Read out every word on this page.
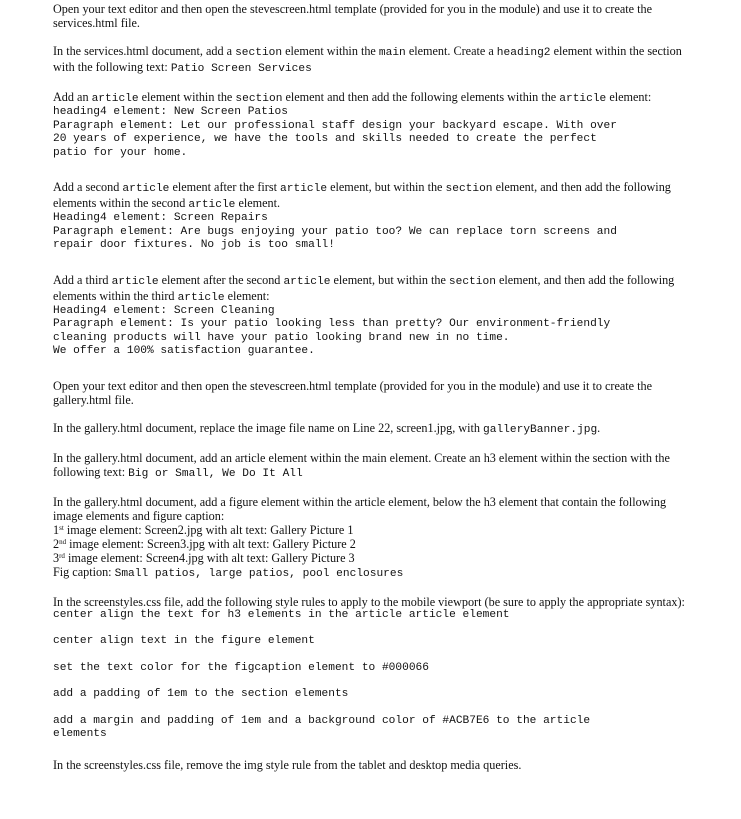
Open your text editor and then open the stevescreen.html template (provided for you in the module) and use it to create the services.html file.

In the services.html document, add a section element within the main element. Create a heading2 element within the section with the following text: Patio Screen Services

Add an article element within the section element and then add the following elements within the article element:

heading4 element: New Screen Patios
Paragraph element: Let our professional staff design your backyard escape. With over
20 years of experience, we have the tools and skills needed to create the perfect
patio for your home.

Add a second article element after the first article element, but within the section element, and then add the following elements within the second article element.

Heading4 element: Screen Repairs
Paragraph element: Are bugs enjoying your patio too? We can replace torn screens and
repair door fixtures. No job is too small!

Add a third article element after the second article element, but within the section element, and then add the following elements within the third article element:

Heading4 element: Screen Cleaning
Paragraph element: Is your patio looking less than pretty? Our environment-friendly
cleaning products will have your patio looking brand new in no time.
We offer a 100% satisfaction guarantee.

Open your text editor and then open the stevescreen.html template (provided for you in the module) and use it to create the gallery.html file.

In the gallery.html document, replace the image file name on Line 22, screen1.jpg, with galleryBanner.jpg.

In the gallery.html document, add an article element within the main element. Create an h3 element within the section with the following text: Big or Small, We Do It All

In the gallery.html document, add a figure element within the article element, below the h3 element that contain the following image elements and figure caption:

1st image element: Screen2.jpg with alt text: Gallery Picture 1

2nd image element: Screen3.jpg with alt text: Gallery Picture 2

3rd image element: Screen4.jpg with alt text: Gallery Picture 3

Fig caption: Small patios, large patios, pool enclosures

In the screenstyles.css file, add the following style rules to apply to the mobile viewport (be sure to apply the appropriate syntax):

center align the text for h3 elements in the article article element
center align text in the figure element
set the text color for the figcaption element to #000066
add a padding of 1em to the section elements
add a margin and padding of 1em and a background color of #ACB7E6 to the article
elements

In the screenstyles.css file, remove the img style rule from the tablet and desktop media queries.
